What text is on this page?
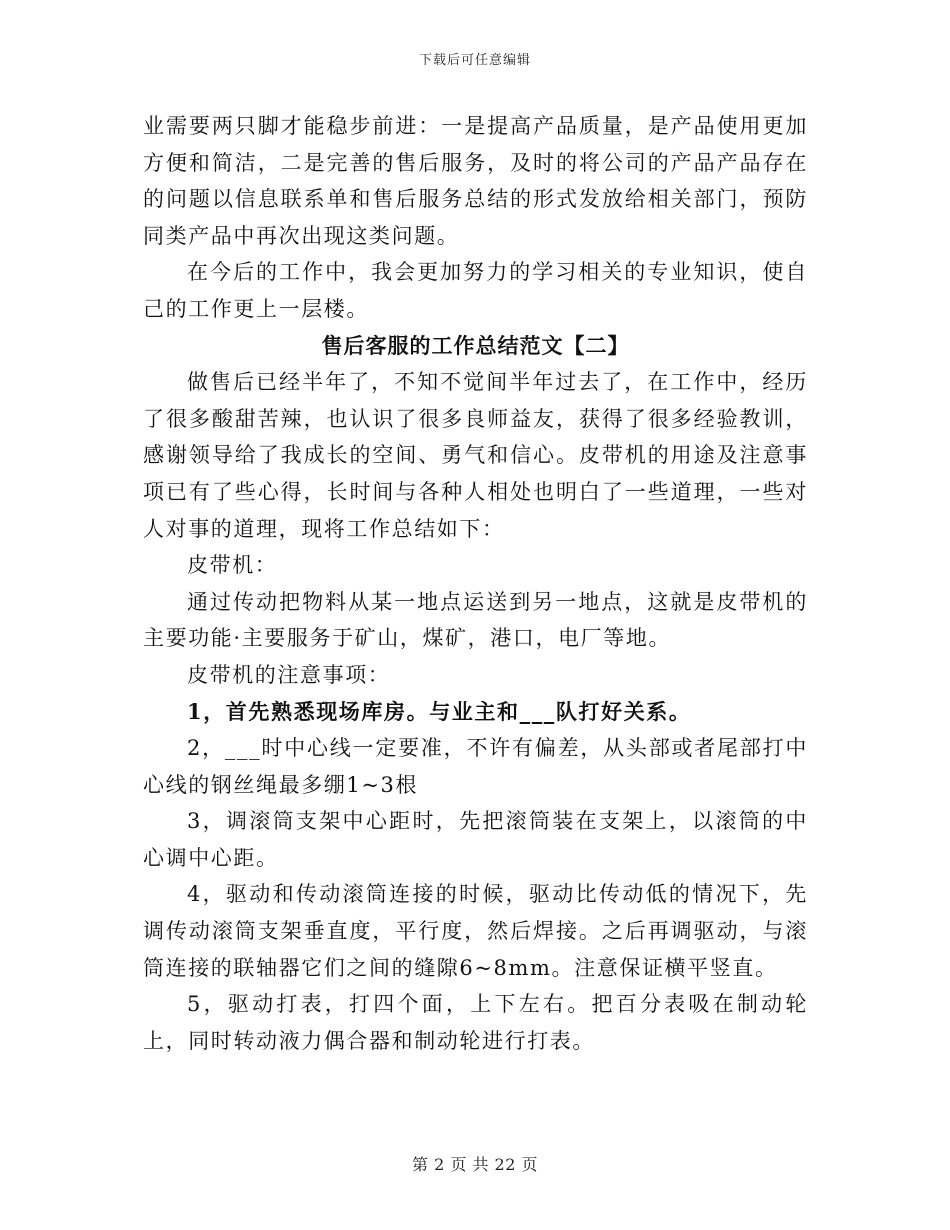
下载后可任意编辑

业需要两只脚才能稳步前进：一是提高产品质量，是产品使用更加方便和简洁，二是完善的售后服务，及时的将公司的产品产品存在的问题以信息联系单和售后服务总结的形式发放给相关部门，预防同类产品中再次出现这类问题。

在今后的工作中，我会更加努力的学习相关的专业知识，使自己的工作更上一层楼。

售后客服的工作总结范文【二】

做售后已经半年了，不知不觉间半年过去了，在工作中，经历了很多酸甜苦辣，也认识了很多良师益友，获得了很多经验教训，感谢领导给了我成长的空间、勇气和信心。皮带机的用途及注意事项已有了些心得，长时间与各种人相处也明白了一些道理，一些对人对事的道理，现将工作总结如下：

皮带机：

通过传动把物料从某一地点运送到另一地点，这就是皮带机的主要功能·主要服务于矿山，煤矿，港口，电厂等地。

皮带机的注意事项：

1，首先熟悉现场库房。与业主和___队打好关系。

2，___时中心线一定要准，不许有偏差，从头部或者尾部打中心线的钢丝绳最多绷1~3根

3，调滚筒支架中心距时，先把滚筒装在支架上，以滚筒的中心调中心距。

4，驱动和传动滚筒连接的时候，驱动比传动低的情况下，先调传动滚筒支架垂直度，平行度，然后焊接。之后再调驱动，与滚筒连接的联轴器它们之间的缝隙6~8mm。注意保证横平竖直。

5，驱动打表，打四个面，上下左右。把百分表吸在制动轮上，同时转动液力偶合器和制动轮进行打表。

第 2 页 共 22 页
